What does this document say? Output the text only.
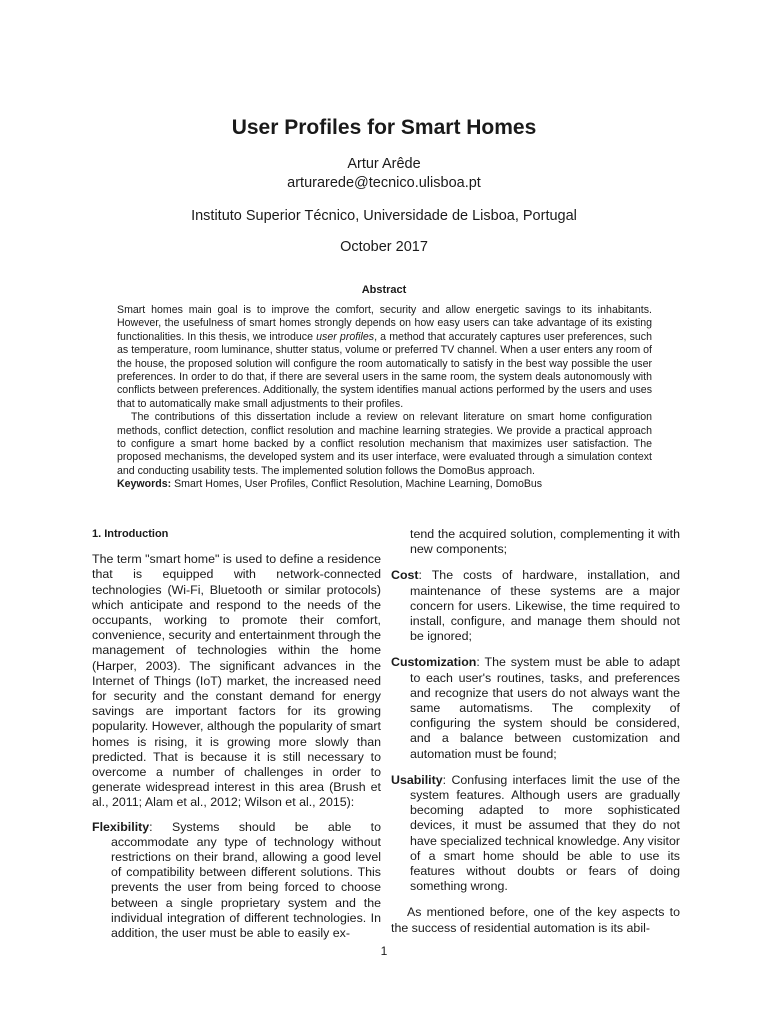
User Profiles for Smart Homes
Artur Arêde
arturarede@tecnico.ulisboa.pt
Instituto Superior Técnico, Universidade de Lisboa, Portugal
October 2017
Abstract

Smart homes main goal is to improve the comfort, security and allow energetic savings to its inhabitants. However, the usefulness of smart homes strongly depends on how easy users can take advantage of its existing functionalities. In this thesis, we introduce user profiles, a method that accurately captures user preferences, such as temperature, room luminance, shutter status, volume or preferred TV channel. When a user enters any room of the house, the proposed solution will configure the room automatically to satisfy in the best way possible the user preferences. In order to do that, if there are several users in the same room, the system deals autonomously with conflicts between preferences. Additionally, the system identifies manual actions performed by the users and uses that to automatically make small adjustments to their profiles.

The contributions of this dissertation include a review on relevant literature on smart home configuration methods, conflict detection, conflict resolution and machine learning strategies. We provide a practical approach to configure a smart home backed by a conflict resolution mechanism that maximizes user satisfaction. The proposed mechanisms, the developed system and its user interface, were evaluated through a simulation context and conducting usability tests. The implemented solution follows the DomoBus approach.

Keywords: Smart Homes, User Profiles, Conflict Resolution, Machine Learning, DomoBus

1. Introduction

The term "smart home" is used to define a residence that is equipped with network-connected technologies (Wi-Fi, Bluetooth or similar protocols) which anticipate and respond to the needs of the occupants, working to promote their comfort, convenience, security and entertainment through the management of technologies within the home (Harper, 2003). The significant advances in the Internet of Things (IoT) market, the increased need for security and the constant demand for energy savings are important factors for its growing popularity. However, although the popularity of smart homes is rising, it is growing more slowly than predicted. That is because it is still necessary to overcome a number of challenges in order to generate widespread interest in this area (Brush et al., 2011; Alam et al., 2012; Wilson et al., 2015):

Flexibility: Systems should be able to accommodate any type of technology without restrictions on their brand, allowing a good level of compatibility between different solutions. This prevents the user from being forced to choose between a single proprietary system and the individual integration of different technologies. In addition, the user must be able to easily ex-

tend the acquired solution, complementing it with new components;

Cost: The costs of hardware, installation, and maintenance of these systems are a major concern for users. Likewise, the time required to install, configure, and manage them should not be ignored;

Customization: The system must be able to adapt to each user's routines, tasks, and preferences and recognize that users do not always want the same automatisms. The complexity of configuring the system should be considered, and a balance between customization and automation must be found;

Usability: Confusing interfaces limit the use of the system features. Although users are gradually becoming adapted to more sophisticated devices, it must be assumed that they do not have specialized technical knowledge. Any visitor of a smart home should be able to use its features without doubts or fears of doing something wrong.

As mentioned before, one of the key aspects to the success of residential automation is its abil-

1
